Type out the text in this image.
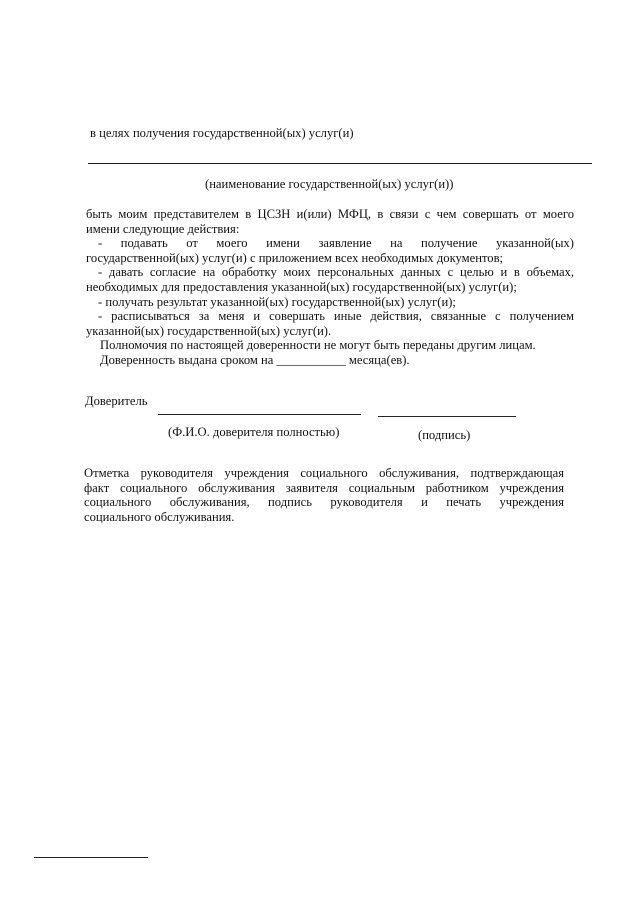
в целях получения государственной(ых) услуг(и)
(наименование государственной(ых) услуг(и))
быть моим представителем в ЦСЗН и(или) МФЦ, в связи с чем совершать от моего
имени следующие действия:
- подавать от моего имени заявление на получение указанной(ых)
государственной(ых) услуг(и) с приложением всех необходимых документов;
- давать согласие на обработку моих персональных данных с целью и в объемах,
необходимых для предоставления указанной(ых) государственной(ых) услуг(и);
- получать результат указанной(ых) государственной(ых) услуг(и);
- расписываться за меня и совершать иные действия, связанные с получением
указанной(ых) государственной(ых) услуг(и).
Полномочия по настоящей доверенности не могут быть переданы другим лицам.
Доверенность выдана сроком на ___________ месяца(ев).
Доверитель
(Ф.И.О. доверителя полностью)	(подпись)
Отметка руководителя учреждения социального обслуживания, подтверждающая
факт социального обслуживания заявителя социальным работником учреждения
социального обслуживания, подпись руководителя и печать учреждения
социального обслуживания.
